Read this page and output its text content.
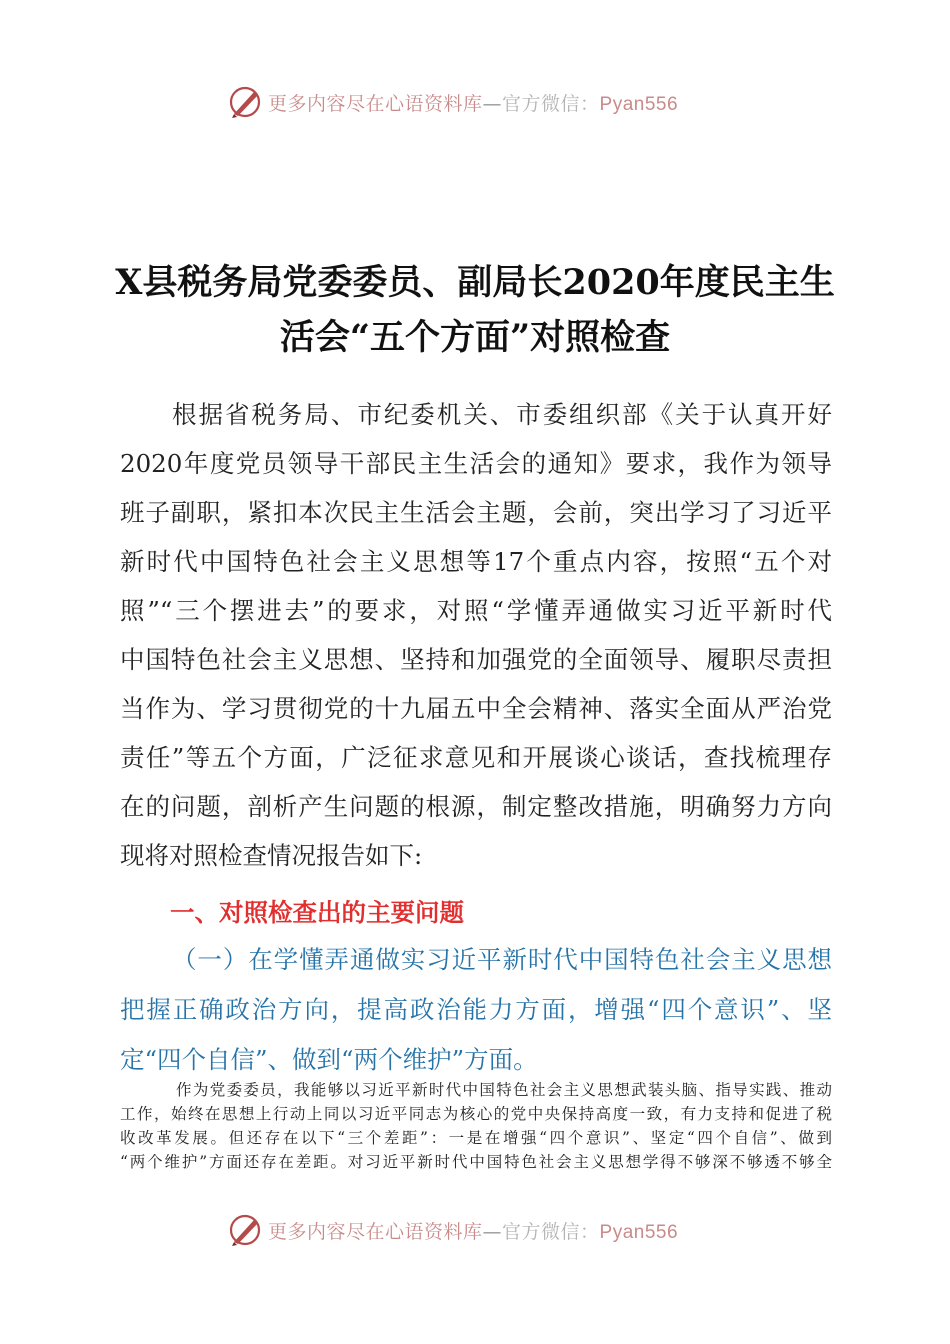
更多内容尽在心语资料库—官方微信：Pyan556
X县税务局党委委员、副局长2020年度民主生
活会“五个方面”对照检查
根据省税务局、市纪委机关、市委组织部《关于认真开好
2020年度党员领导干部民主生活会的通知》要求，我作为领导
班子副职，紧扣本次民主生活会主题，会前，突出学习了习近平
新时代中国特色社会主义思想等17个重点内容，按照“五个对
照”“三个摆进去”的要求，对照“学懂弄通做实习近平新时代
中国特色社会主义思想、坚持和加强党的全面领导、履职尽责担
当作为、学习贯彻党的十九届五中全会精神、落实全面从严治党
责任”等五个方面，广泛征求意见和开展谈心谈话，查找梳理存
在的问题，剖析产生问题的根源，制定整改措施，明确努力方向
现将对照检查情况报告如下:
一、对照检查出的主要问题
（一）在学懂弄通做实习近平新时代中国特色社会主义思想
把握正确政治方向，提高政治能力方面，增强“四个意识”、坚
定“四个自信”、做到“两个维护”方面。
作为党委委员，我能够以习近平新时代中国特色社会主义思想武装头脑、指导实践、推动
工作，始终在思想上行动上同以习近平同志为核心的党中央保持高度一致，有力支持和促进了税
收改革发展。但还存在以下“三个差距”：一是在增强“四个意识”、坚定“四个自信”、做到
“两个维护”方面还存在差距。对习近平新时代中国特色社会主义思想学得不够深不够透不够全
更多内容尽在心语资料库—官方微信：Pyan556
